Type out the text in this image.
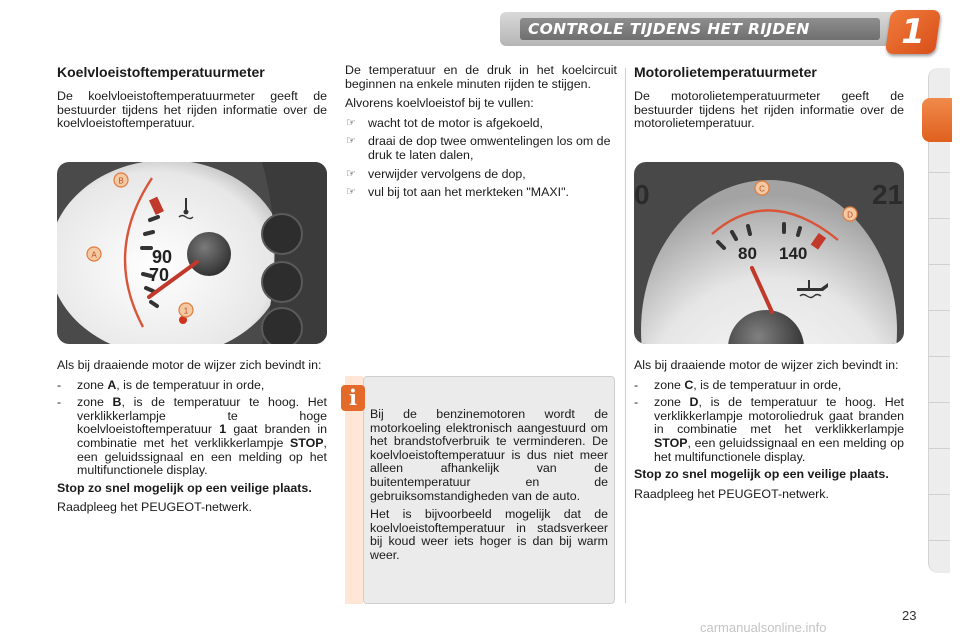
CONTROLE TIJDENS HET RIJDEN	1
Koelvloeistoftemperatuurmeter
De koelvloeistoftemperatuurmeter geeft de bestuurder tijdens het rijden informatie over de koelvloeistoftemperatuur.
90
70
1
B
A
Als bij draaiende motor de wijzer zich bevindt in:
- zone A, is de temperatuur in orde,
- zone B, is de temperatuur te hoog. Het verklikkerlampje te hoge koelvloeistoftemperatuur 1 gaat branden in combinatie met het verklikkerlampje STOP, een geluidssignaal en een melding op het multifunctionele display.
Stop zo snel mogelijk op een veilige plaats.
Raadpleeg het PEUGEOT-netwerk.
De temperatuur en de druk in het koelcircuit beginnen na enkele minuten rijden te stijgen.
Alvorens koelvloeistof bij te vullen:
☞ wacht tot de motor is afgekoeld,
☞ draai de dop twee omwentelingen los om de druk te laten dalen,
☞ verwijder vervolgens de dop,
☞ vul bij tot aan het merkteken "MAXI".
i
Bij de benzinemotoren wordt de motorkoeling elektronisch aangestuurd om het brandstofverbruik te verminderen. De koelvloeistoftemperatuur is dus niet meer alleen afhankelijk van de buitentemperatuur en de gebruiksomstandigheden van de auto.
Het is bijvoorbeeld mogelijk dat de koelvloeistoftemperatuur in stadsverkeer bij koud weer iets hoger is dan bij warm weer.
Motorolietemperatuurmeter
De motorolietemperatuurmeter geeft de bestuurder tijdens het rijden informatie over de motorolietemperatuur.
0	21
80 140
C
D
Als bij draaiende motor de wijzer zich bevindt in:
- zone C, is de temperatuur in orde,
- zone D, is de temperatuur te hoog. Het verklikkerlampje motoroliedruk gaat branden in combinatie met het verklikkerlampje STOP, een geluidssignaal en een melding op het multifunctionele display.
Stop zo snel mogelijk op een veilige plaats.
Raadpleeg het PEUGEOT-netwerk.
23
carmanualsonline.info
